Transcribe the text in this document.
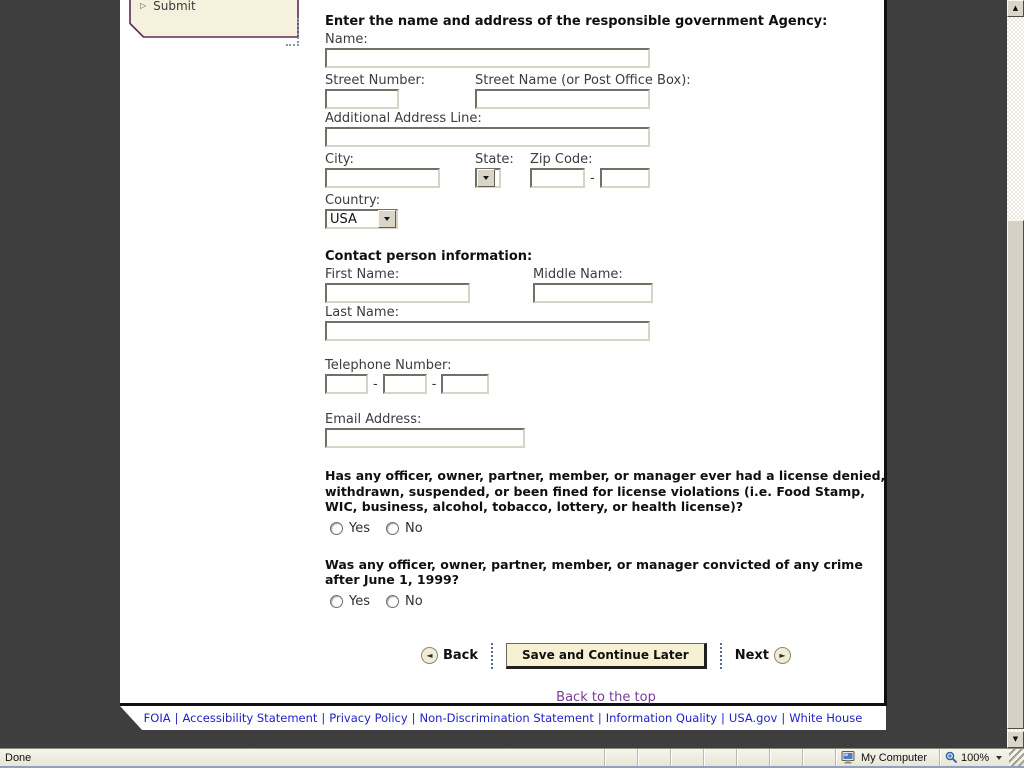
▷ Submit
Enter the name and address of the responsible government Agency:
Name:
Street Number:	Street Name (or Post Office Box):
Additional Address Line:
City:	State:	Zip Code:
-
Country:
USA
Contact person information:
First Name:	Middle Name:
Last Name:
Telephone Number:
-	-
Email Address:
Has any officer, owner, partner, member, or manager ever had a license denied, withdrawn, suspended, or been fined for license violations (i.e. Food Stamp, WIC, business, alcohol, tobacco, lottery, or health license)?
Yes	No
Was any officer, owner, partner, member, or manager convicted of any crime after June 1, 1999?
Yes	No
◄ Back	Save and Continue Later	Next	►
Back to the top
FOIA | Accessibility Statement | Privacy Policy | Non-Discrimination Statement | Information Quality | USA.gov | White House
▲
▼
Done	My Computer	100%
